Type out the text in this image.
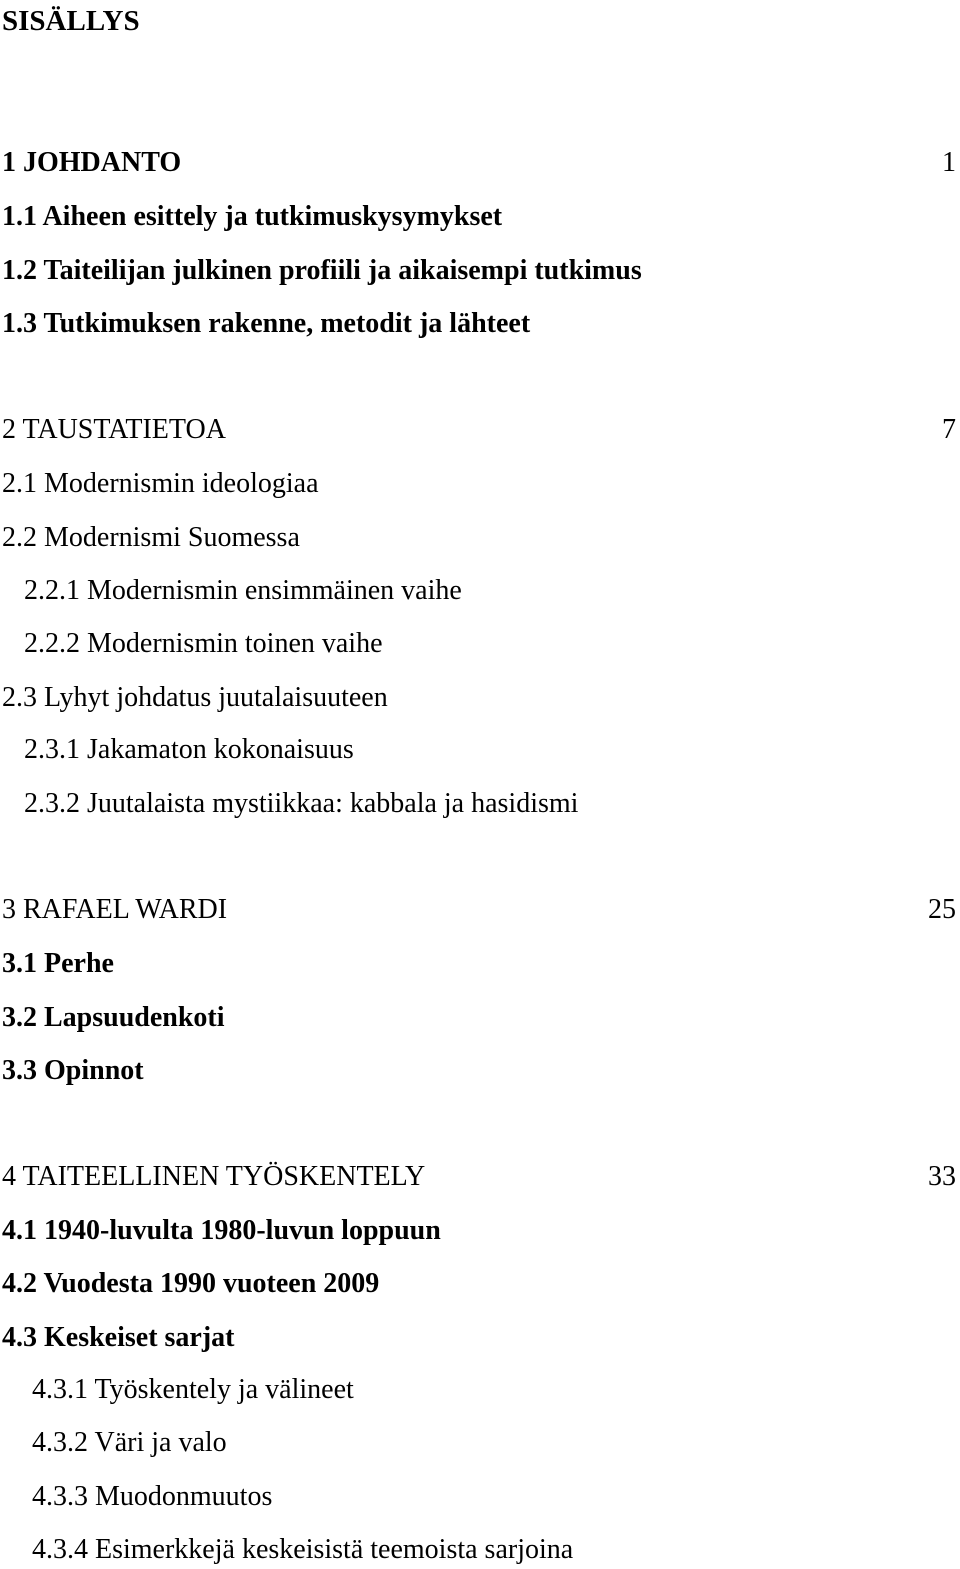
SISÄLLYS
1 JOHDANTO	1
1.1 Aiheen esittely ja tutkimuskysymykset
1.2 Taiteilijan julkinen profiili ja aikaisempi tutkimus
1.3 Tutkimuksen rakenne, metodit ja lähteet
2 TAUSTATIETOA	7
2.1 Modernismin ideologiaa
2.2 Modernismi Suomessa
2.2.1 Modernismin ensimmäinen vaihe
2.2.2 Modernismin toinen vaihe
2.3 Lyhyt johdatus juutalaisuuteen
2.3.1 Jakamaton kokonaisuus
2.3.2 Juutalaista mystiikkaa: kabbala ja hasidismi
3 RAFAEL WARDI	25
3.1 Perhe
3.2 Lapsuudenkoti
3.3 Opinnot
4 TAITEELLINEN TYÖSKENTELY	33
4.1 1940-luvulta 1980-luvun loppuun
4.2 Vuodesta 1990 vuoteen 2009
4.3 Keskeiset sarjat
4.3.1 Työskentely ja välineet
4.3.2 Väri ja valo
4.3.3 Muodonmuutos
4.3.4 Esimerkkejä keskeisistä teemoista sarjoina
